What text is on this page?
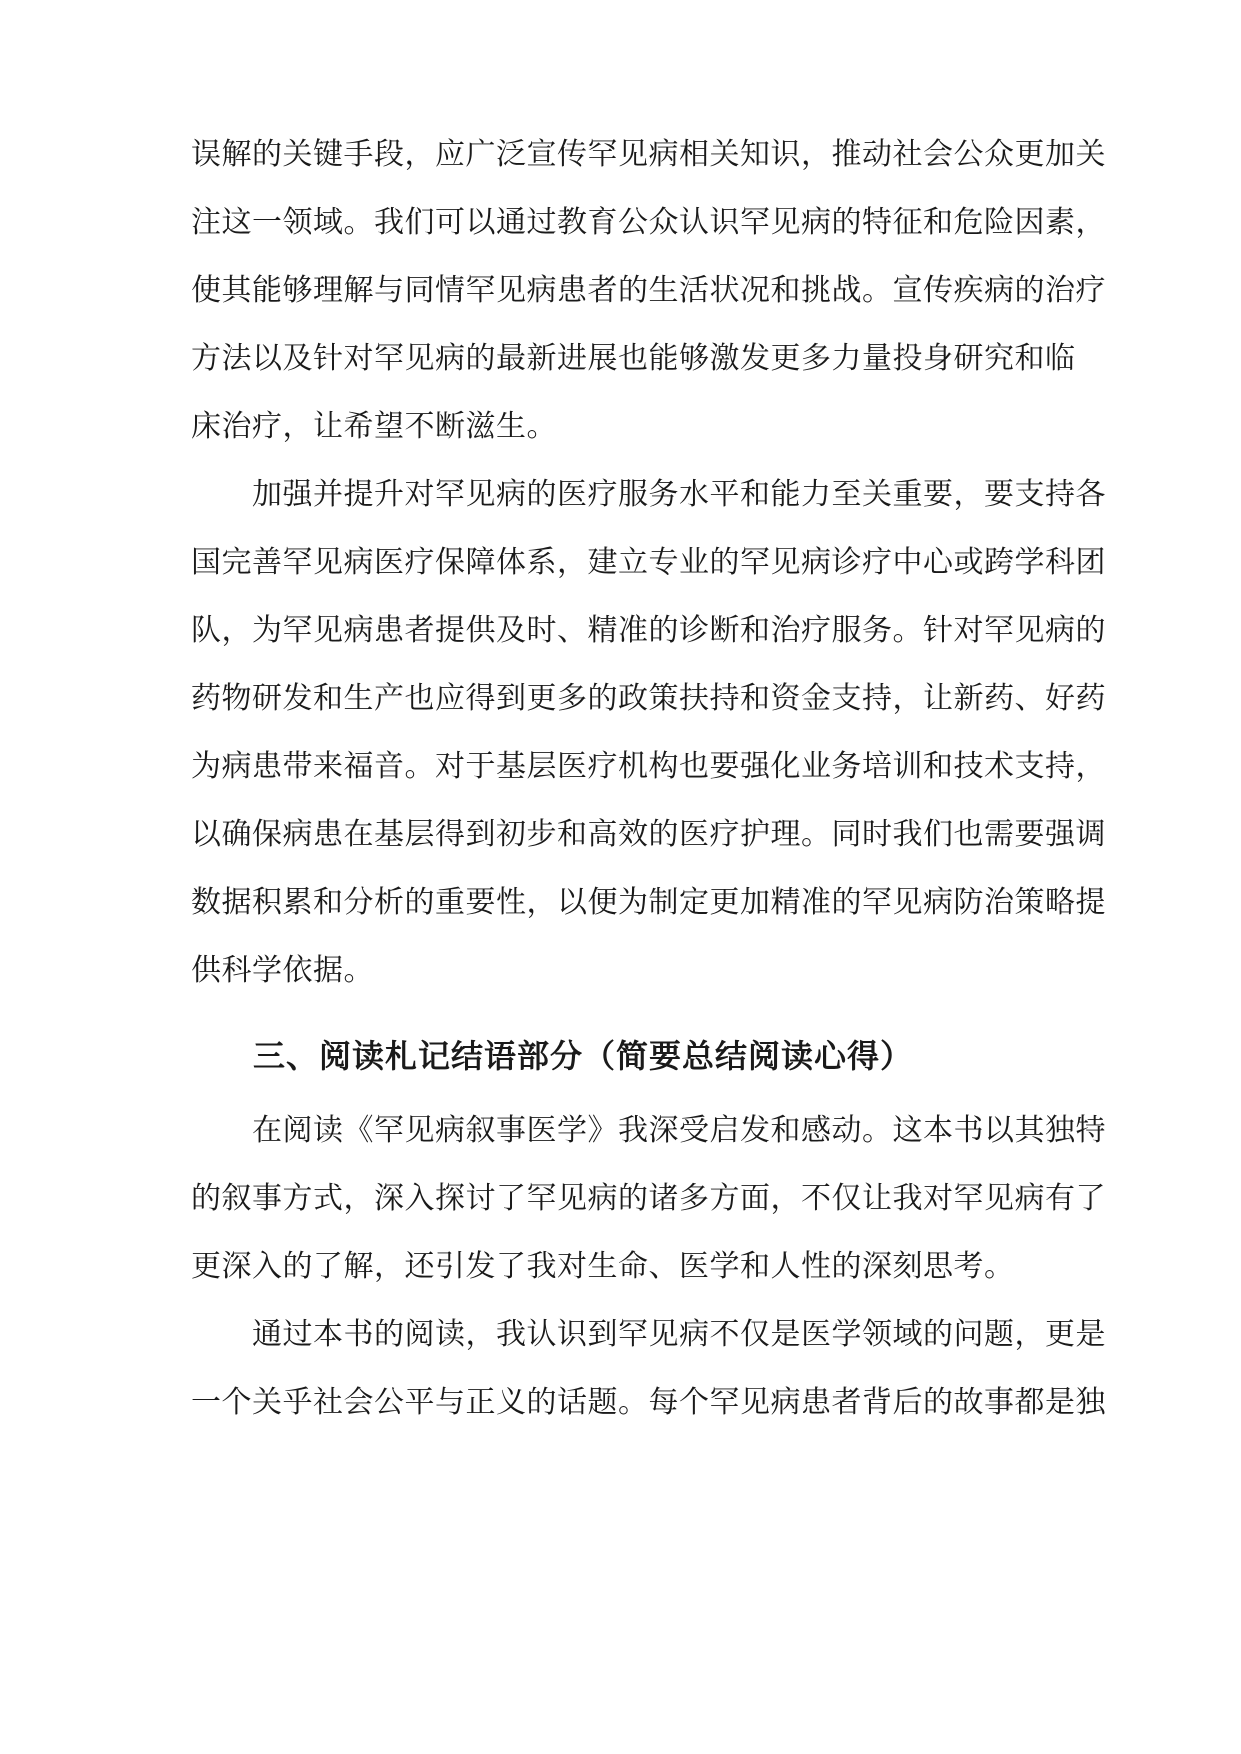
误解的关键手段，应广泛宣传罕见病相关知识，推动社会公众更加关
注这一领域。我们可以通过教育公众认识罕见病的特征和危险因素，
使其能够理解与同情罕见病患者的生活状况和挑战。宣传疾病的治疗
方法以及针对罕见病的最新进展也能够激发更多力量投身研究和临
床治疗，让希望不断滋生。
　　加强并提升对罕见病的医疗服务水平和能力至关重要，要支持各
国完善罕见病医疗保障体系，建立专业的罕见病诊疗中心或跨学科团
队，为罕见病患者提供及时、精准的诊断和治疗服务。针对罕见病的
药物研发和生产也应得到更多的政策扶持和资金支持，让新药、好药
为病患带来福音。对于基层医疗机构也要强化业务培训和技术支持，
以确保病患在基层得到初步和高效的医疗护理。同时我们也需要强调
数据积累和分析的重要性，以便为制定更加精准的罕见病防治策略提
供科学依据。
三、阅读札记结语部分（简要总结阅读心得）
　　在阅读《罕见病叙事医学》我深受启发和感动。这本书以其独特
的叙事方式，深入探讨了罕见病的诸多方面，不仅让我对罕见病有了
更深入的了解，还引发了我对生命、医学和人性的深刻思考。
　　通过本书的阅读，我认识到罕见病不仅是医学领域的问题，更是
一个关乎社会公平与正义的话题。每个罕见病患者背后的故事都是独
